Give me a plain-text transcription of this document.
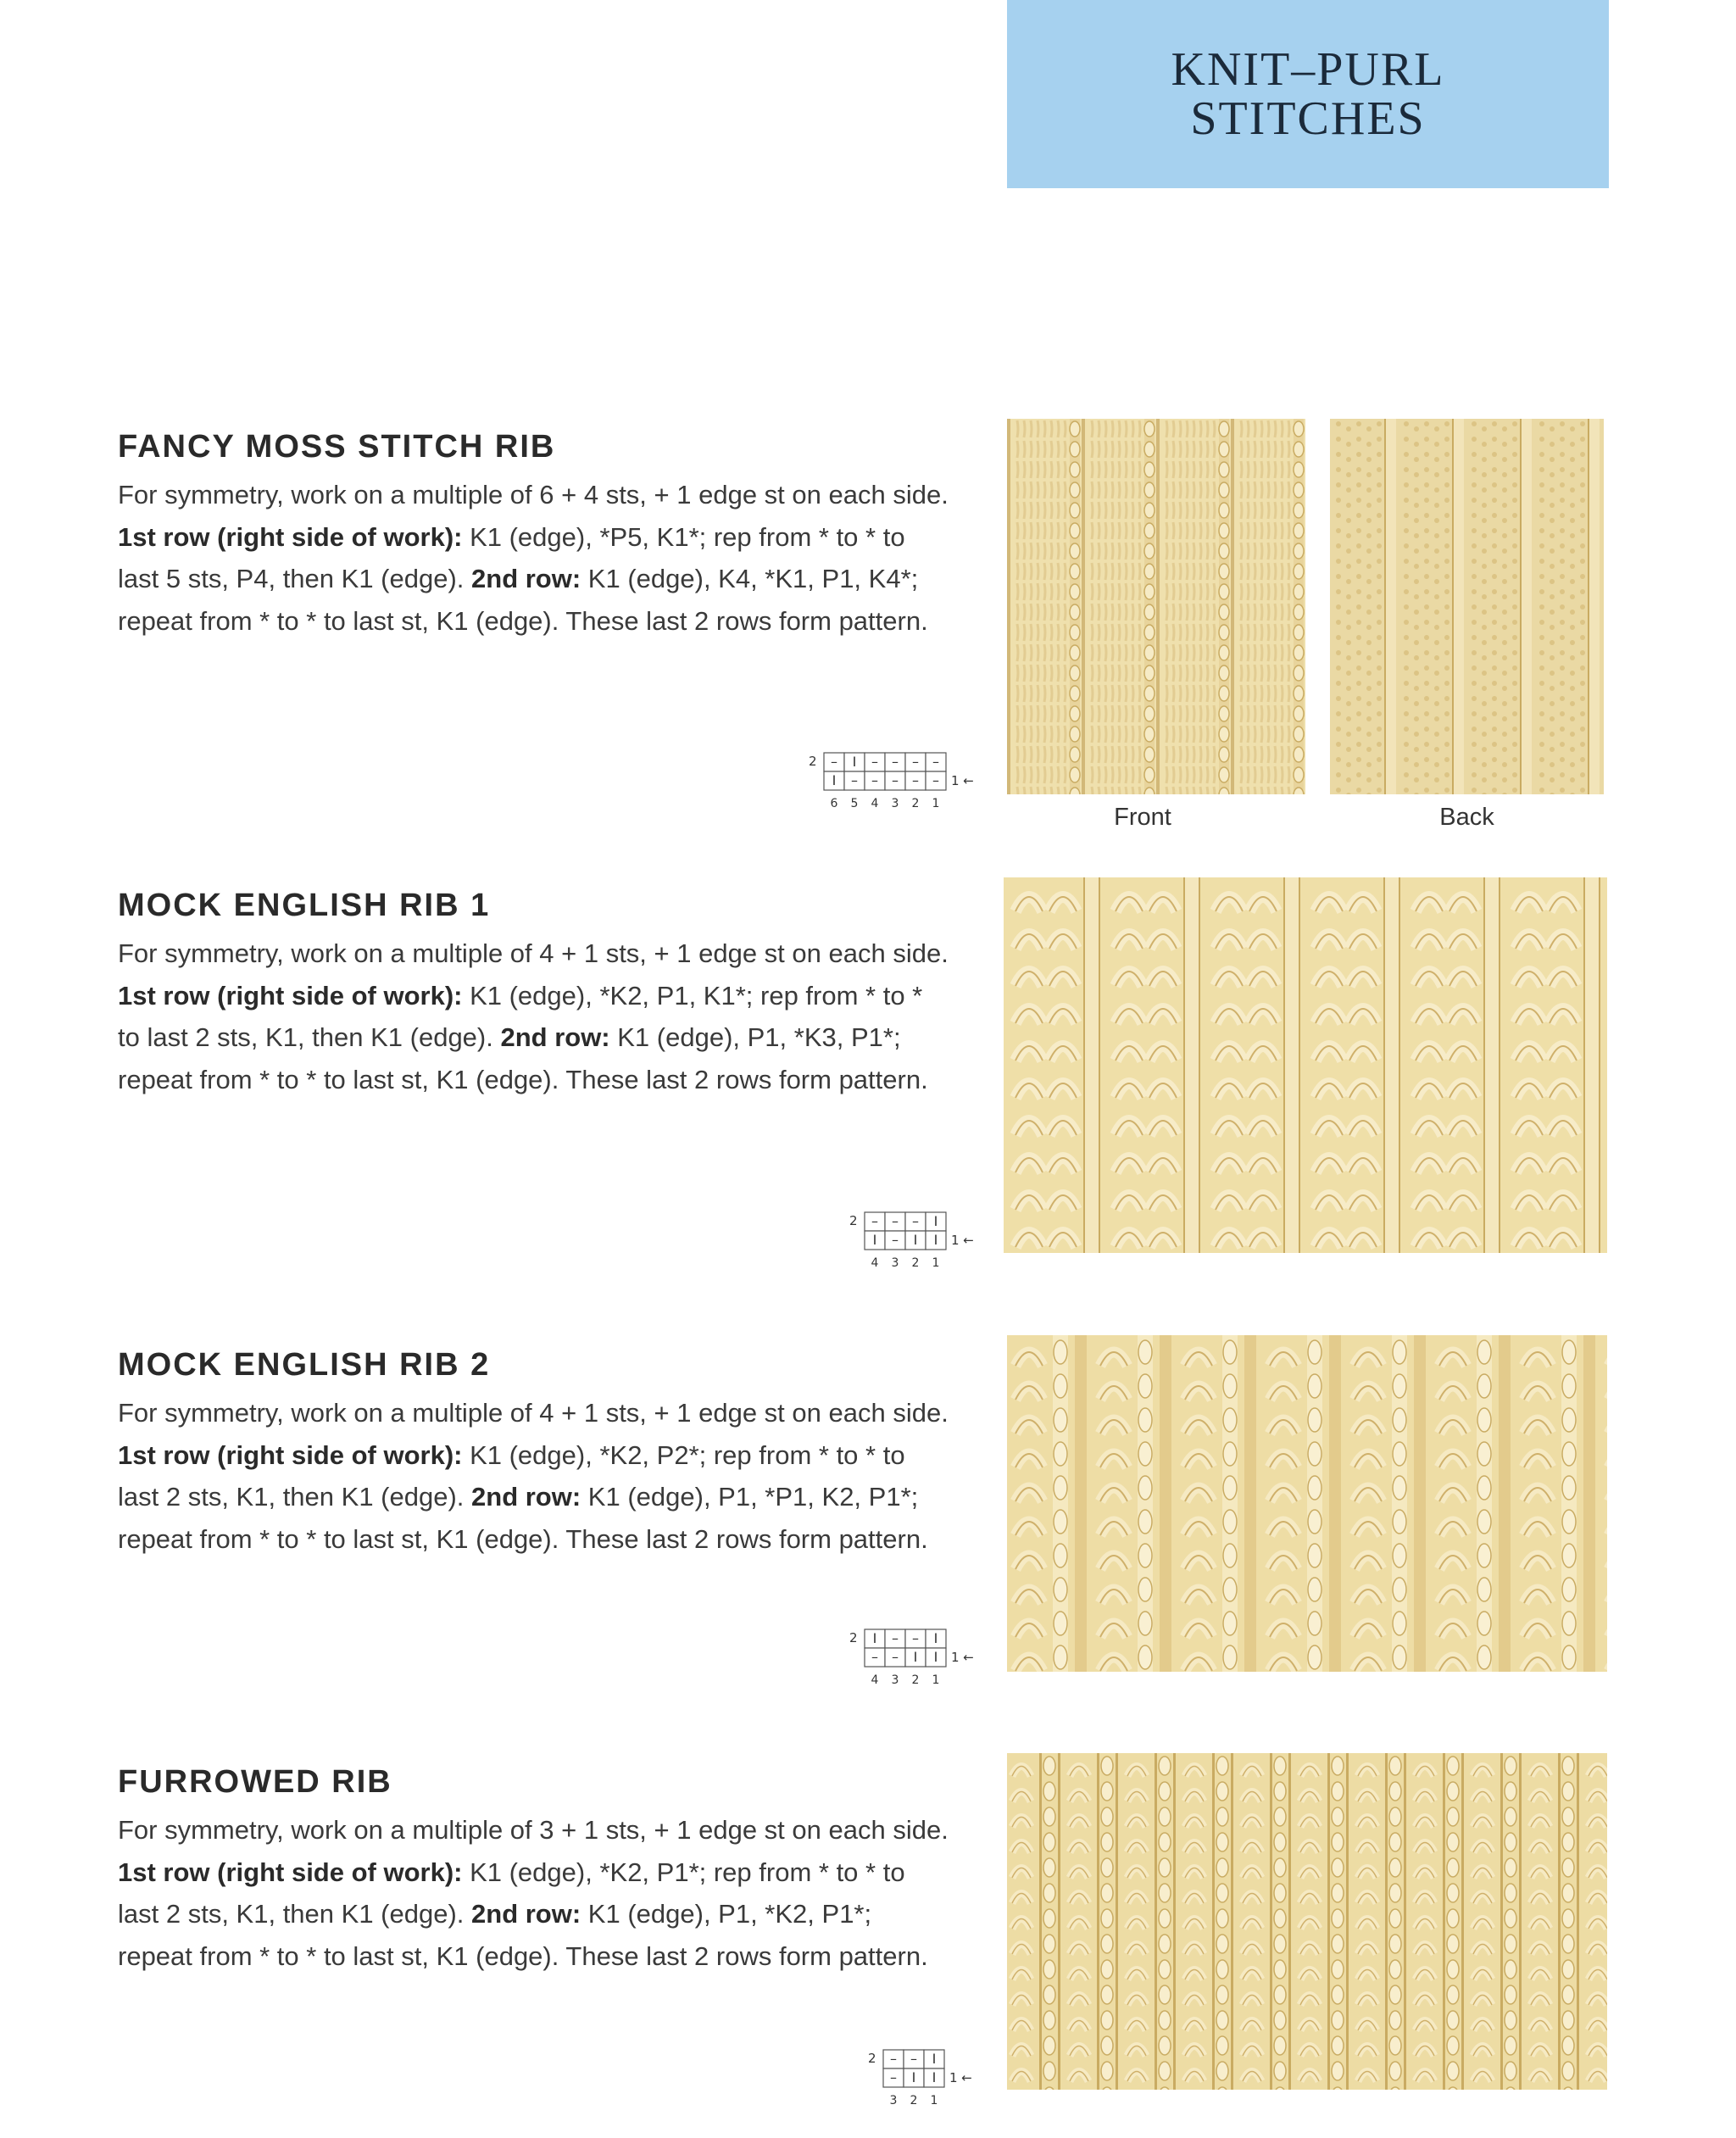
KNIT–PURL
STITCHES
FANCY MOSS STITCH RIB

For symmetry, work on a multiple of 6 + 4 sts, + 1 edge st on each side. 1st row (right side of work): K1 (edge), *P5, K1*; rep from * to * to last 5 sts, P4, then K1 (edge). 2nd row: K1 (edge), K4, *K1, P1, K4*; repeat from * to * to last st, K1 (edge). These last 2 rows form pattern.

– I – – – –
I – – – – –
2
1 ←
6 5 4 3 2 1	Front	Back
MOCK ENGLISH RIB 1

For symmetry, work on a multiple of 4 + 1 sts, + 1 edge st on each side. 1st row (right side of work): K1 (edge), *K2, P1, K1*; rep from * to * to last 2 sts, K1, then K1 (edge). 2nd row: K1 (edge), P1, *K3, P1*; repeat from * to * to last st, K1 (edge). These last 2 rows form pattern.

– – – I
I – I I
2
1 ←
4 3 2 1
MOCK ENGLISH RIB 2

For symmetry, work on a multiple of 4 + 1 sts, + 1 edge st on each side. 1st row (right side of work): K1 (edge), *K2, P2*; rep from * to * to last 2 sts, K1, then K1 (edge). 2nd row: K1 (edge), P1, *P1, K2, P1*; repeat from * to * to last st, K1 (edge). These last 2 rows form pattern.

I – – I
– – I I
2
1 ←
4 3 2 1
FURROWED RIB

For symmetry, work on a multiple of 3 + 1 sts, + 1 edge st on each side. 1st row (right side of work): K1 (edge), *K2, P1*; rep from * to * to last 2 sts, K1, then K1 (edge). 2nd row: K1 (edge), P1, *K2, P1*; repeat from * to * to last st, K1 (edge). These last 2 rows form pattern.

– – I
– I I
2
1 ←
3 2 1
